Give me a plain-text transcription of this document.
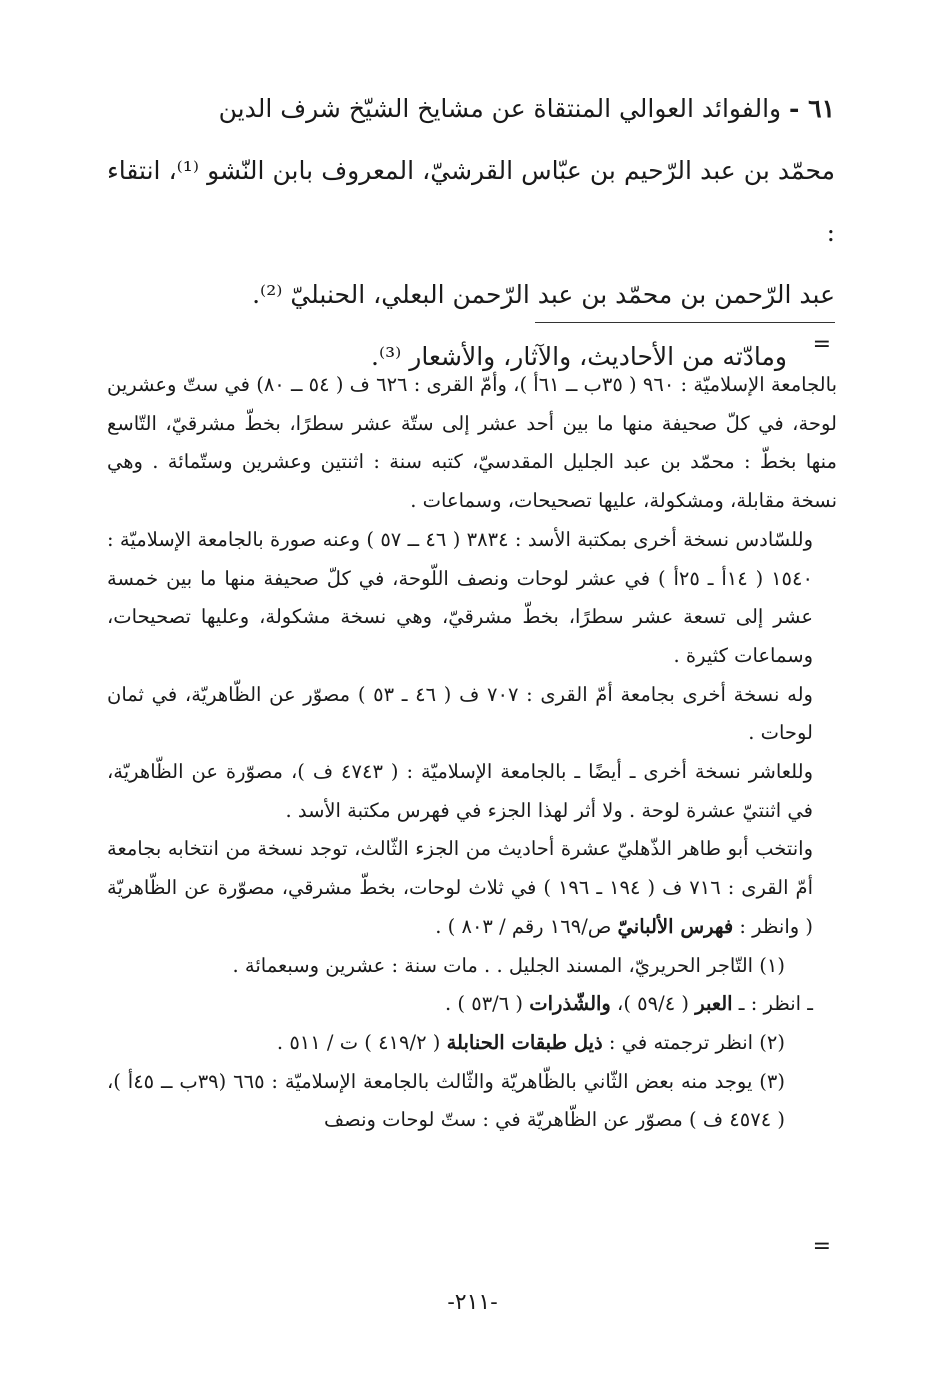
٦١ - والفوائد العوالي المنتقاة عن مشايخ الشيّخ شرف الدين

محمّد بن عبد الرّحيم بن عبّاس القرشيّ، المعروف بابن النّشو ⁽¹⁾، انتقاء :

عبد الرّحمن بن محمّد بن عبد الرّحمن البعلي، الحنبليّ ⁽²⁾.

ومادّته من الأحاديث، والآثار، والأشعار ⁽³⁾.	=

بالجامعة الإسلاميّة : ٩٦٠ ( ٣٥ب ــ ٦١أ )، وأمّ القرى : ٦٢٦ ف ( ٥٤ ــ ٨٠) في ستّ وعشرين لوحة، في كلّ صحيفة منها ما بين أحد عشر إلى ستّة عشر سطرًا، بخطّ مشرقيّ، التّاسع منها بخطّ : محمّد بن عبد الجليل المقدسيّ، كتبه سنة : اثنتين وعشرين وستّمائة . وهي نسخة مقابلة، ومشكولة، عليها تصحيحات، وسماعات .

وللسّادس نسخة أخرى بمكتبة الأسد : ٣٨٣٤ ( ٤٦ ــ ٥٧ ) وعنه صورة بالجامعة الإسلاميّة : ١٥٤٠ ( ١٤أ ـ ٢٥أ ) في عشر لوحات ونصف اللّوحة، في كلّ صحيفة منها ما بين خمسة عشر إلى تسعة عشر سطرًا، بخطّ مشرقيّ، وهي نسخة مشكولة، وعليها تصحيحات، وسماعات كثيرة .

وله نسخة أخرى بجامعة أمّ القرى : ٧٠٧ ف ( ٤٦ ـ ٥٣ ) مصوّر عن الظّاهريّة، في ثمان لوحات .

وللعاشر نسخة أخرى ـ أيضًا ـ بالجامعة الإسلاميّة : ( ٤٧٤٣ ف )، مصوّرة عن الظّاهريّة، في اثنتيّ عشرة لوحة . ولا أثر لهذا الجزء في فهرس مكتبة الأسد .

وانتخب أبو طاهر الذّهليّ عشرة أحاديث من الجزء الثّالث، توجد نسخة من انتخابه بجامعة أمّ القرى : ٧١٦ ف ( ١٩٤ ـ ١٩٦ ) في ثلاث لوحات، بخطّ مشرقي، مصوّرة عن الظّاهريّة ( وانظر : فهرس الألبانيّ ص/١٦٩ رقم / ٨٠٣ ) .

(١) التّاجر الحريريّ، المسند الجليل . . مات سنة : عشرين وسبعمائة .

ـ انظر : ـ العبر ( ٥٩/٤ )، والشّذرات ( ٥٣/٦ ) .

(٢) انظر ترجمته في : ذيل طبقات الحنابلة ( ٤١٩/٢ ) ت / ٥١١ .

(٣) يوجد منه بعض الثّاني بالظّاهريّة والثّالث بالجامعة الإسلاميّة : ٦٦٥ (٣٩ب ــ ٤٥أ )، ( ٤٥٧٤ ف ) مصوّر عن الظّاهريّة في : ستّ لوحات ونصف

=
-٢١١-
